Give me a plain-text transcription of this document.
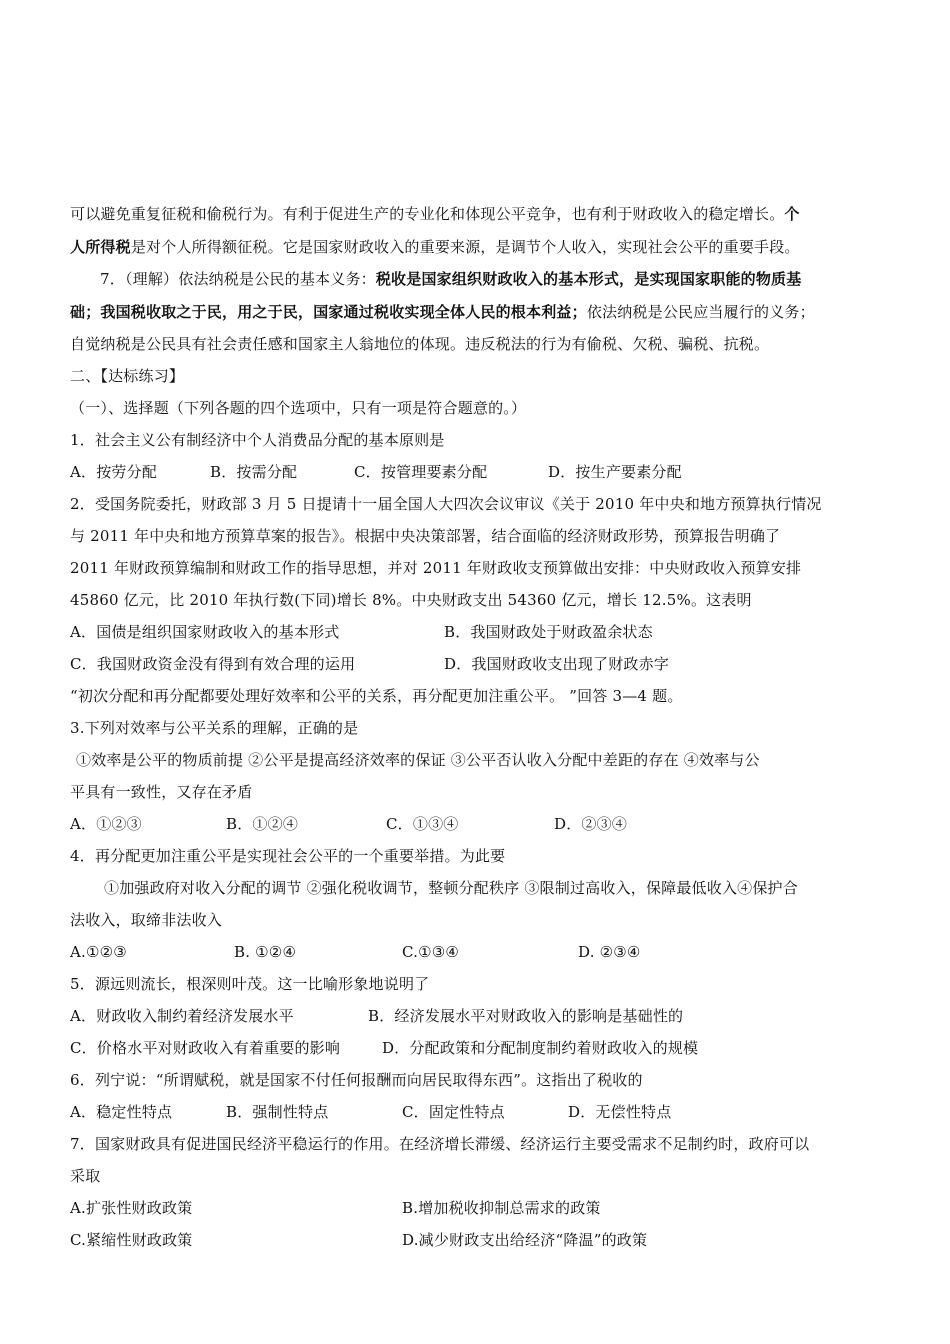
可以避免重复征税和偷税行为。有利于促进生产的专业化和体现公平竞争，也有利于财政收入的稳定增长。个
人所得税是对个人所得额征税。它是国家财政收入的重要来源，是调节个人收入，实现社会公平的重要手段。
7．（理解）依法纳税是公民的基本义务：税收是国家组织财政收入的基本形式，是实现国家职能的物质基
础；我国税收取之于民，用之于民，国家通过税收实现全体人民的根本利益；依法纳税是公民应当履行的义务；
自觉纳税是公民具有社会责任感和国家主人翁地位的体现。违反税法的行为有偷税、欠税、骗税、抗税。
二、【达标练习】
（一）、选择题（下列各题的四个选项中，只有一项是符合题意的。）
1．社会主义公有制经济中个人消费品分配的基本原则是
A．按劳分配	B．按需分配	C．按管理要素分配	D．按生产要素分配
2．受国务院委托，财政部 3 月 5 日提请十一届全国人大四次会议审议《关于 2010 年中央和地方预算执行情况
与 2011 年中央和地方预算草案的报告》。根据中央决策部署，结合面临的经济财政形势，预算报告明确了
2011 年财政预算编制和财政工作的指导思想，并对 2011 年财政收支预算做出安排：中央财政收入预算安排
45860 亿元，比 2010 年执行数(下同)增长 8%。中央财政支出 54360 亿元，增长 12.5%。这表明
A．国债是组织国家财政收入的基本形式	B．我国财政处于财政盈余状态
C．我国财政资金没有得到有效合理的运用	D．我国财政收支出现了财政赤字
“初次分配和再分配都要处理好效率和公平的关系，再分配更加注重公平。 ”回答 3—4 题。
3.下列对效率与公平关系的理解，正确的是
①效率是公平的物质前提 ②公平是提高经济效率的保证 ③公平否认收入分配中差距的存在 ④效率与公
平具有一致性，又存在矛盾
A．①②③	B．①②④	C．①③④	D．②③④
4．再分配更加注重公平是实现社会公平的一个重要举措。为此要
①加强政府对收入分配的调节 ②强化税收调节，整顿分配秩序 ③限制过高收入，保障最低收入④保护合
法收入，取缔非法收入
A.①②③	B. ①②④	C.①③④	D. ②③④
5．源远则流长，根深则叶茂。这一比喻形象地说明了
A．财政收入制约着经济发展水平	B．经济发展水平对财政收入的影响是基础性的
C．价格水平对财政收入有着重要的影响	D．分配政策和分配制度制约着财政收入的规模
6．列宁说：“所谓赋税，就是国家不付任何报酬而向居民取得东西”。这指出了税收的
A．稳定性特点	B．强制性特点	C．固定性特点	D．无偿性特点
7．国家财政具有促进国民经济平稳运行的作用。在经济增长滞缓、经济运行主要受需求不足制约时，政府可以
采取
A.扩张性财政政策	B.增加税收抑制总需求的政策
C.紧缩性财政政策	D.减少财政支出给经济“降温”的政策
